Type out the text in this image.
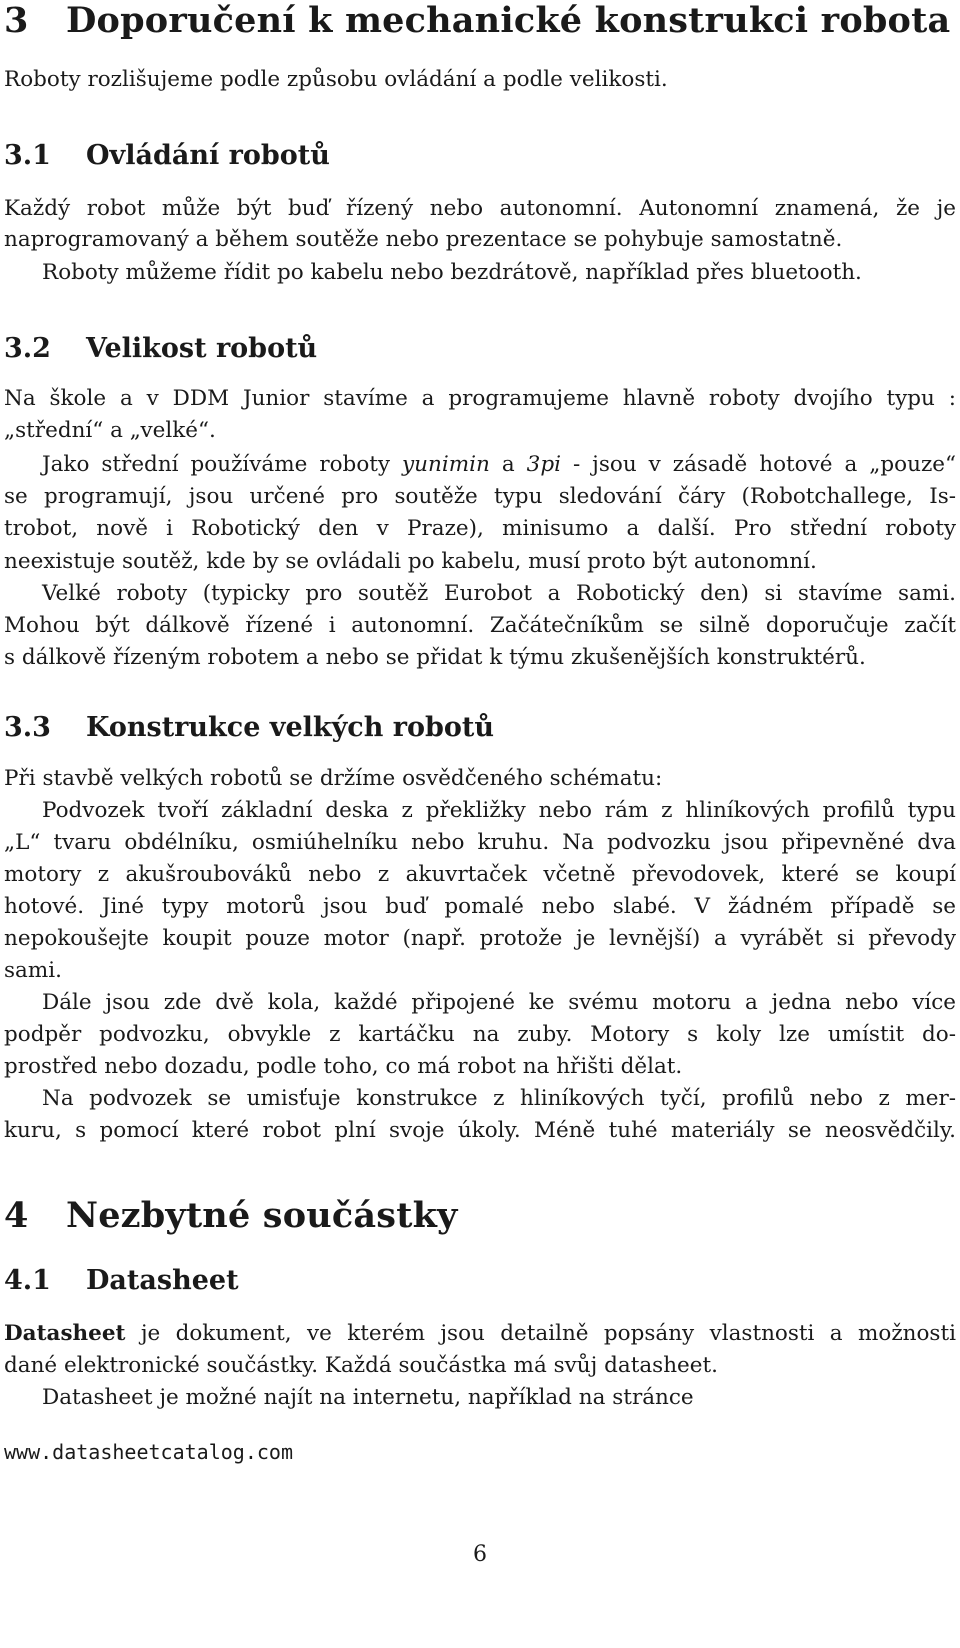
3 Doporučení k mechanické konstrukci robota
Roboty rozlišujeme podle způsobu ovládání a podle velikosti.
3.1 Ovládání robotů
Každý robot může být buď řízený nebo autonomní. Autonomní znamená, že je
naprogramovaný a během soutěže nebo prezentace se pohybuje samostatně.
Roboty můžeme řídit po kabelu nebo bezdrátově, například přes bluetooth.
3.2 Velikost robotů
Na škole a v DDM Junior stavíme a programujeme hlavně roboty dvojího typu :
„střední“ a „velké“.
Jako střední používáme roboty yunimin a 3pi - jsou v zásadě hotové a „pouze“
se programují, jsou určené pro soutěže typu sledování čáry (Robotchallege, Is-
trobot, nově i Robotický den v Praze), minisumo a další. Pro střední roboty
neexistuje soutěž, kde by se ovládali po kabelu, musí proto být autonomní.
Velké roboty (typicky pro soutěž Eurobot a Robotický den) si stavíme sami.
Mohou být dálkově řízené i autonomní. Začátečníkům se silně doporučuje začít
s dálkově řízeným robotem a nebo se přidat k týmu zkušenějších konstruktérů.
3.3 Konstrukce velkých robotů
Při stavbě velkých robotů se držíme osvědčeného schématu:
Podvozek tvoří základní deska z překližky nebo rám z hliníkových profilů typu
„L“ tvaru obdélníku, osmiúhelníku nebo kruhu. Na podvozku jsou připevněné dva
motory z akušroubováků nebo z akuvrtaček včetně převodovek, které se koupí
hotové. Jiné typy motorů jsou buď pomalé nebo slabé. V žádném případě se
nepokoušejte koupit pouze motor (např. protože je levnější) a vyrábět si převody
sami.
Dále jsou zde dvě kola, každé připojené ke svému motoru a jedna nebo více
podpěr podvozku, obvykle z kartáčku na zuby. Motory s koly lze umístit do-
prostřed nebo dozadu, podle toho, co má robot na hřišti dělat.
Na podvozek se umisťuje konstrukce z hliníkových tyčí, profilů nebo z mer-
kuru, s pomocí které robot plní svoje úkoly. Méně tuhé materiály se neosvědčily.
4 Nezbytné součástky
4.1 Datasheet
Datasheet je dokument, ve kterém jsou detailně popsány vlastnosti a možnosti
dané elektronické součástky. Každá součástka má svůj datasheet.
Datasheet je možné najít na internetu, například na stránce
www.datasheetcatalog.com
6
